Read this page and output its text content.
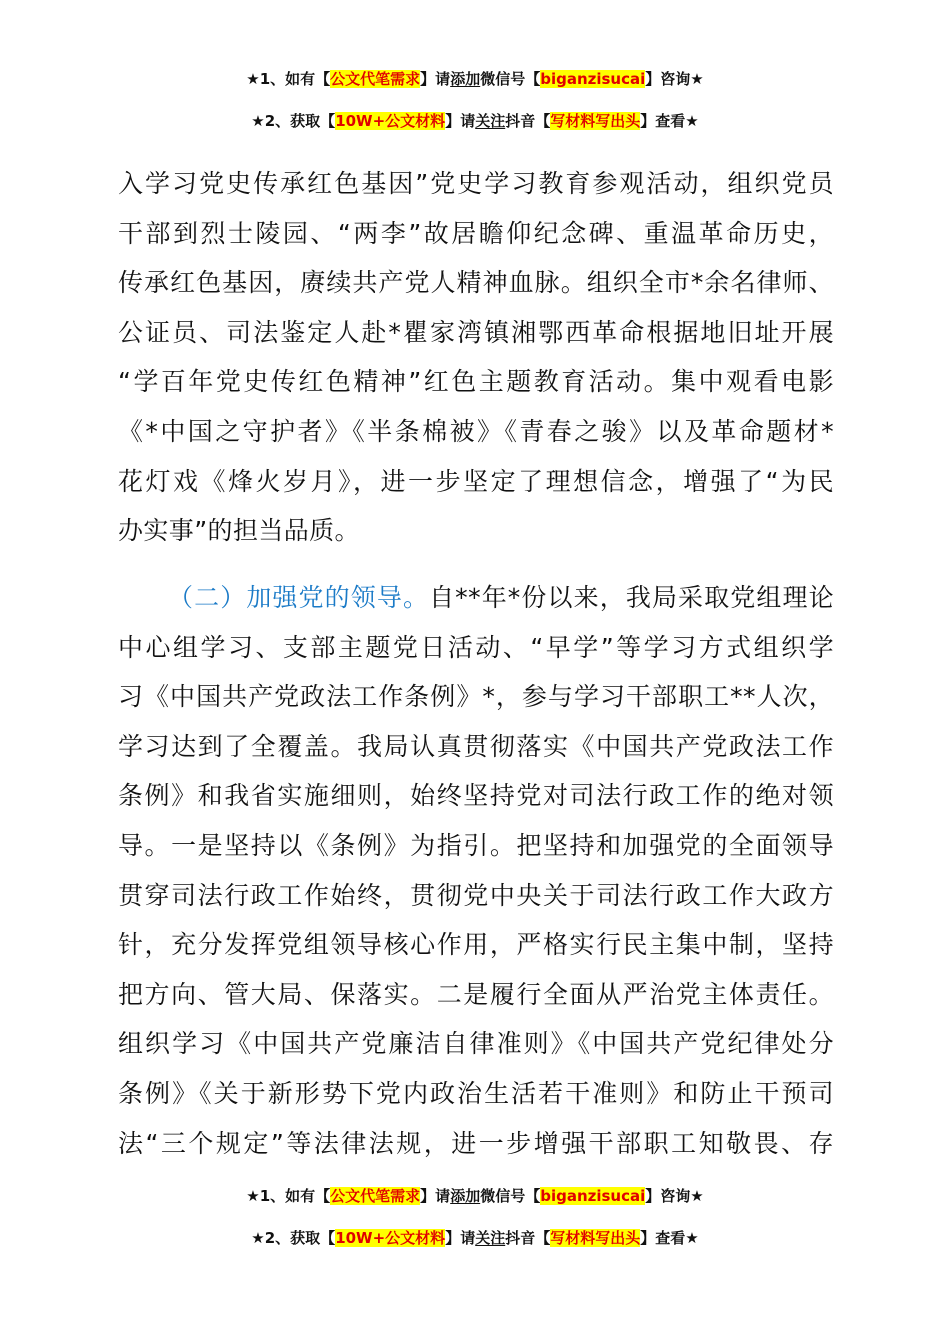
★1、如有【公文代笔需求】请添加微信号【biganzisucai】咨询★
★2、获取【10W+公文材料】请关注抖音【写材料写出头】查看★

入学习党史传承红色基因”党史学习教育参观活动，组织党员
干部到烈士陵园、“两李”故居瞻仰纪念碑、重温革命历史，
传承红色基因，赓续共产党人精神血脉。组织全市*余名律师、
公证员、司法鉴定人赴*瞿家湾镇湘鄂西革命根据地旧址开展
“学百年党史传红色精神”红色主题教育活动。集中观看电影
《*中国之守护者》《半条棉被》《青春之骏》以及革命题材*
花灯戏《烽火岁月》，进一步坚定了理想信念，增强了“为民
办实事”的担当品质。

（二）加强党的领导。自**年*份以来，我局采取党组理论
中心组学习、支部主题党日活动、“早学”等学习方式组织学
习《中国共产党政法工作条例》*，参与学习干部职工**人次，
学习达到了全覆盖。我局认真贯彻落实《中国共产党政法工作
条例》和我省实施细则，始终坚持党对司法行政工作的绝对领
导。一是坚持以《条例》为指引。把坚持和加强党的全面领导
贯穿司法行政工作始终，贯彻党中央关于司法行政工作大政方
针，充分发挥党组领导核心作用，严格实行民主集中制，坚持
把方向、管大局、保落实。二是履行全面从严治党主体责任。
组织学习《中国共产党廉洁自律准则》《中国共产党纪律处分
条例》《关于新形势下党内政治生活若干准则》和防止干预司
法“三个规定”等法律法规，进一步增强干部职工知敬畏、存

★1、如有【公文代笔需求】请添加微信号【biganzisucai】咨询★
★2、获取【10W+公文材料】请关注抖音【写材料写出头】查看★
